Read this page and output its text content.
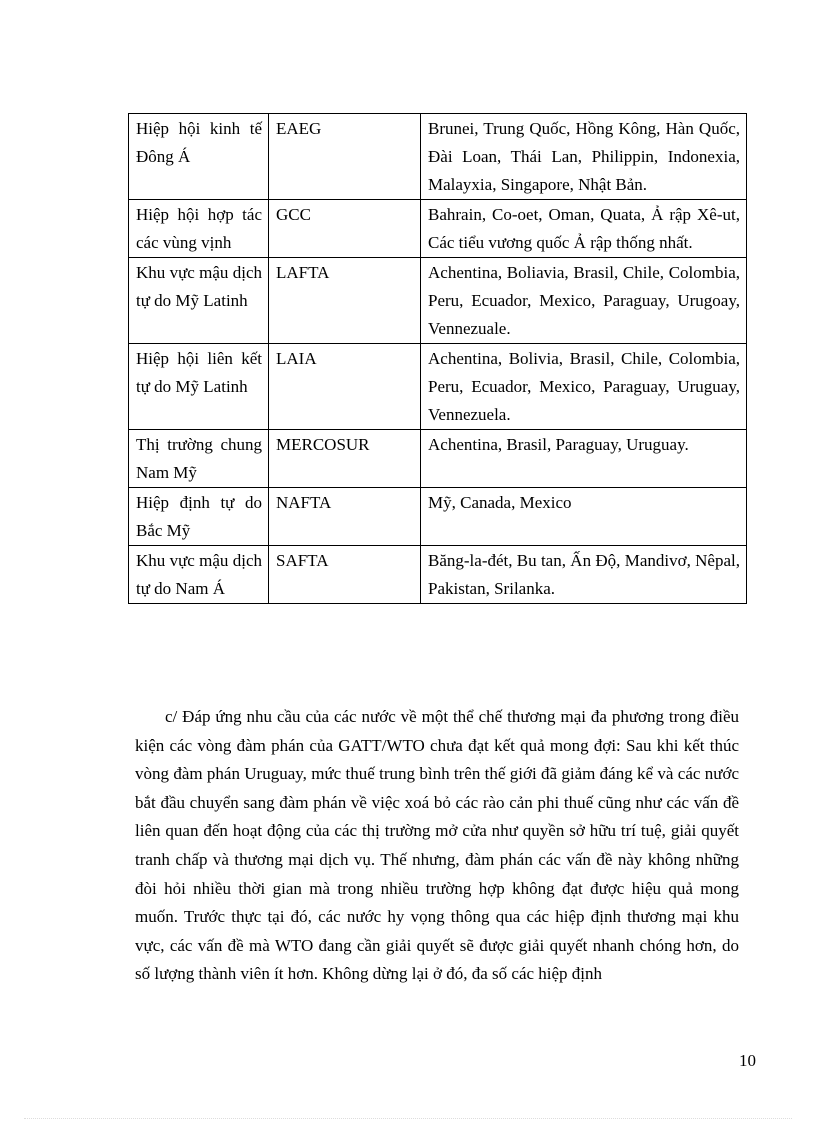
Hiệp hội kinh tế Đông Á	EAEG	Brunei, Trung Quốc, Hồng Kông, Hàn Quốc, Đài Loan, Thái Lan, Philippin, Indonexia, Malayxia, Singapore, Nhật Bản.
Hiệp hội hợp tác các vùng vịnh	GCC	Bahrain, Co-oet, Oman, Quata, Ả rập Xê-ut, Các tiểu vương quốc Ả rập thống nhất.
Khu vực mậu dịch tự do Mỹ Latinh	LAFTA	Achentina, Boliavia, Brasil, Chile, Colombia, Peru, Ecuador, Mexico, Paraguay, Urugoay, Vennezuale.
Hiệp hội liên kết tự do Mỹ Latinh	LAIA	Achentina, Bolivia, Brasil, Chile, Colombia, Peru, Ecuador, Mexico, Paraguay, Uruguay, Vennezuela.
Thị trường chung Nam Mỹ	MERCOSUR	Achentina, Brasil, Paraguay, Uruguay.
Hiệp định tự do Bắc Mỹ	NAFTA	Mỹ, Canada, Mexico
Khu vực mậu dịch tự do Nam Á	SAFTA	Băng-la-đét, Bu tan, Ấn Độ, Mandivơ, Nêpal, Pakistan, Srilanka.

c/ Đáp ứng nhu cầu của các nước về một thể chế thương mại đa phương trong điều kiện các vòng đàm phán của GATT/WTO chưa đạt kết quả mong đợi: Sau khi kết thúc vòng đàm phán Uruguay, mức thuế trung bình trên thế giới đã giảm đáng kể và các nước bắt đầu chuyển sang đàm phán về việc xoá bỏ các rào cản phi thuế cũng như các vấn đề liên quan đến hoạt động của các thị trường mở cửa như quyền sở hữu trí tuệ, giải quyết tranh chấp và thương mại dịch vụ. Thế nhưng, đàm phán các vấn đề này không những đòi hỏi nhiều thời gian mà trong nhiều trường hợp không đạt được hiệu quả mong muốn. Trước thực tại đó, các nước hy vọng thông qua các hiệp định thương mại khu vực, các vấn đề mà WTO đang cần giải quyết sẽ được giải quyết nhanh chóng hơn, do số lượng thành viên ít hơn. Không dừng lại ở đó, đa số các hiệp định

10
